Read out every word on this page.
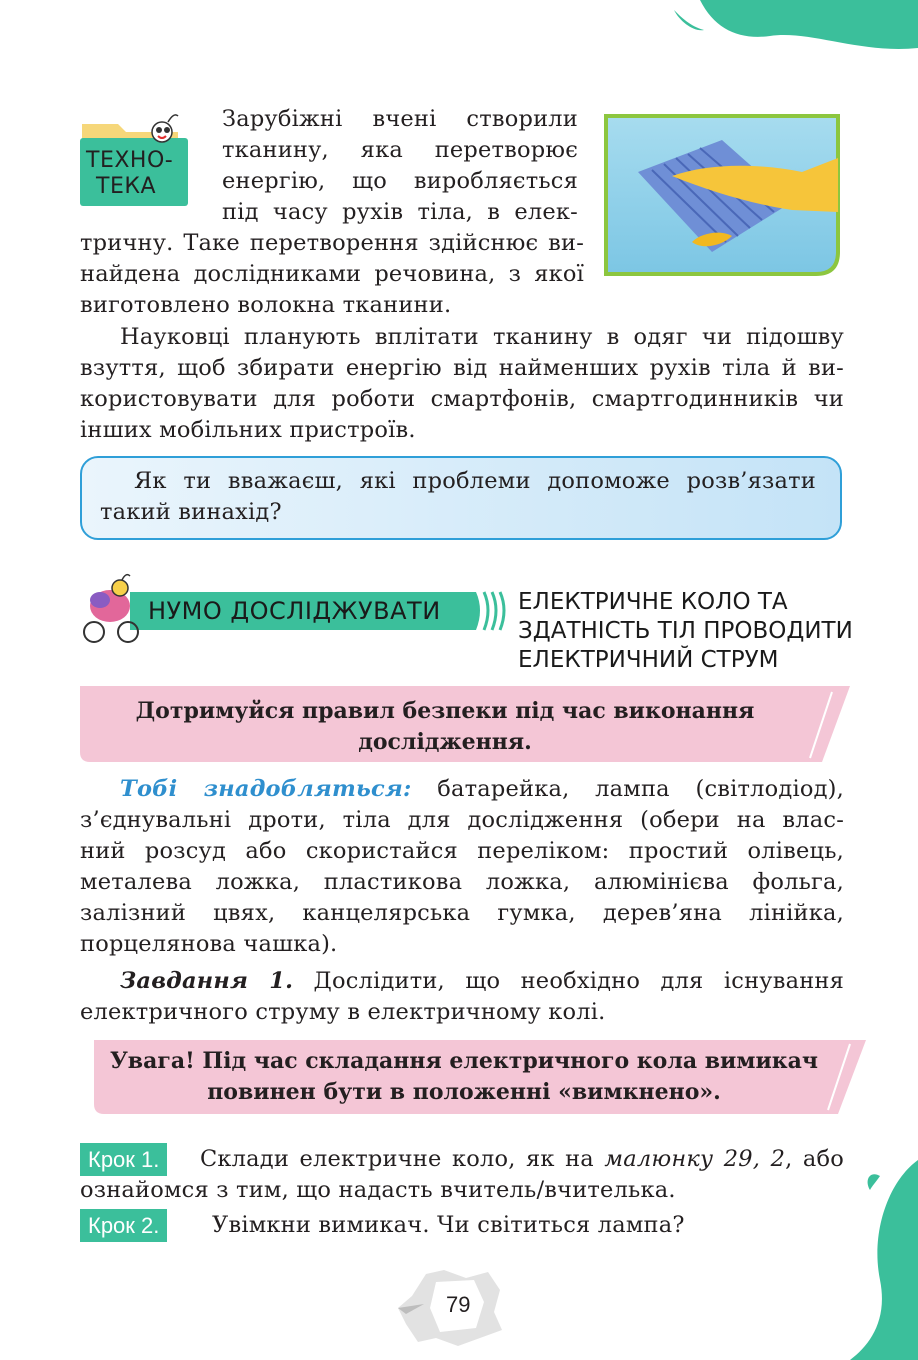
ТЕХНО-
ТЕКА
Зарубіжні вчені створили
тканину, яка перетворює
енергію, що виробляється
під часу рухів тіла, в елек-
тричну. Таке перетворення здійснює ви-
найдена дослідниками речовина, з якої
виготовлено волокна тканини.
Науковці планують вплітати тканину в одяг чи підошву
взуття, щоб збирати енергію від найменших рухів тіла й ви-
користовувати для роботи смартфонів, смартгодинників чи
інших мобільних пристроїв.
Як ти вважаєш, які проблеми допоможе розв’язати
такий винахід?
НУМО ДОСЛІДЖУВАТИ	ЕЛЕКТРИЧНЕ КОЛО ТА
ЗДАТНІСТЬ ТІЛ ПРОВОДИТИ
ЕЛЕКТРИЧНИЙ СТРУМ
Дотримуйся правил безпеки під час виконання
дослідження.
Тобі знадобляться: батарейка, лампа (світлодіод),
з’єднувальні дроти, тіла для дослідження (обери на влас-
ний розсуд або скористайся переліком: простий олівець,
металева ложка, пластикова ложка, алюмінієва фольга,
залізний цвях, канцелярська гумка, дерев’яна лінійка,
порцелянова чашка).
Завдання 1. Дослідити, що необхідно для існування
електричного струму в електричному колі.
Увага! Під час складання електричного кола вимикач
повинен бути в положенні «вимкнено».
Крок 1.	Склади електричне коло, як на малюнку 29, 2, або
ознайомся з тим, що надасть вчитель/вчителька.
Крок 2.	Увімкни вимикач. Чи світиться лампа?
79
